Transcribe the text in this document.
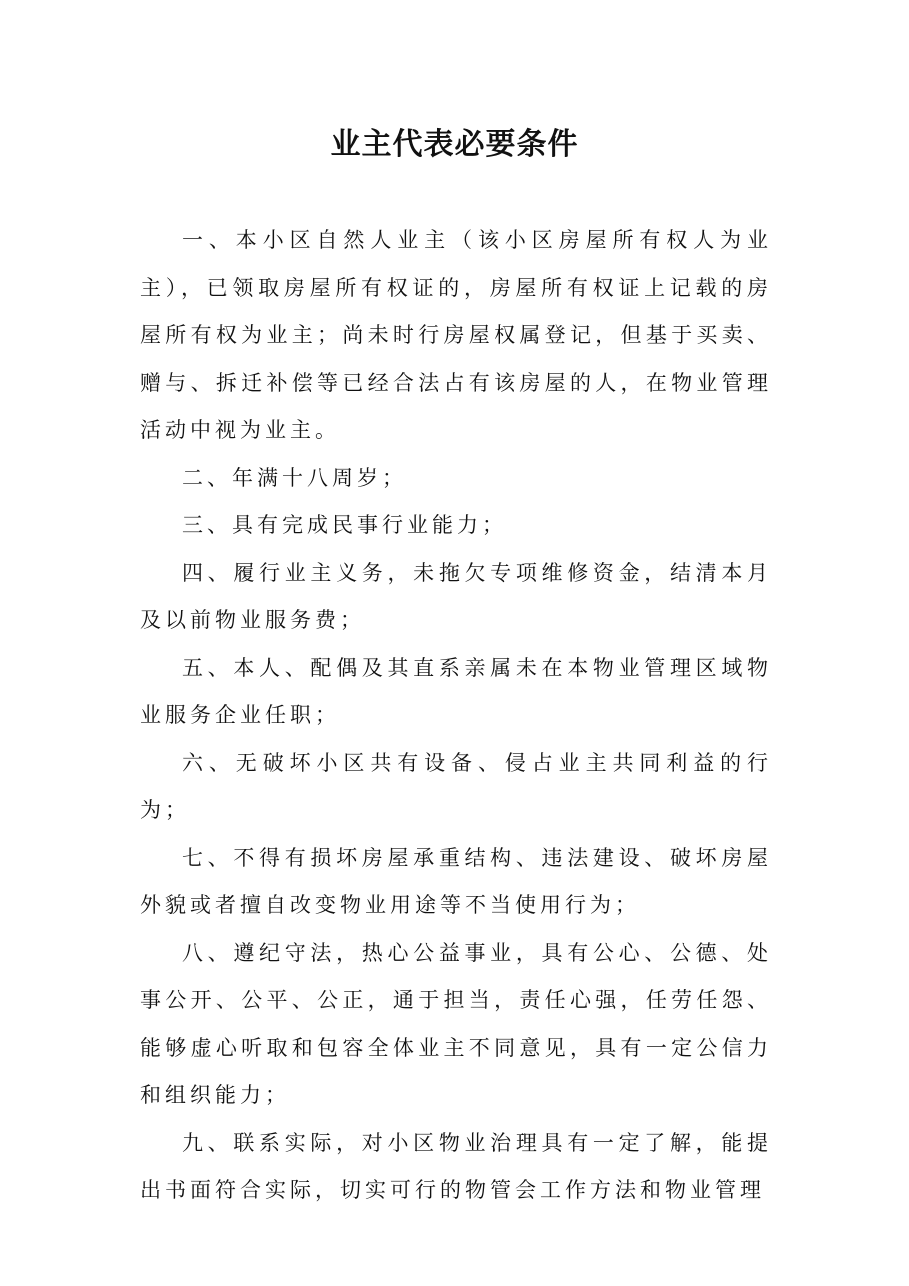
业主代表必要条件

一、本小区自然人业主（该小区房屋所有权人为业主），已领取房屋所有权证的，房屋所有权证上记载的房屋所有权为业主；尚未时行房屋权属登记，但基于买卖、赠与、拆迁补偿等已经合法占有该房屋的人，在物业管理活动中视为业主。

二、年满十八周岁；

三、具有完成民事行业能力；

四、履行业主义务，未拖欠专项维修资金，结清本月及以前物业服务费；

五、本人、配偶及其直系亲属未在本物业管理区域物业服务企业任职；

六、无破坏小区共有设备、侵占业主共同利益的行为；

七、不得有损坏房屋承重结构、违法建设、破坏房屋外貌或者擅自改变物业用途等不当使用行为；

八、遵纪守法，热心公益事业，具有公心、公德、处事公开、公平、公正，通于担当，责任心强，任劳任怨、能够虚心听取和包容全体业主不同意见，具有一定公信力和组织能力；

九、联系实际，对小区物业治理具有一定了解，能提出书面符合实际，切实可行的物管会工作方法和物业管理
